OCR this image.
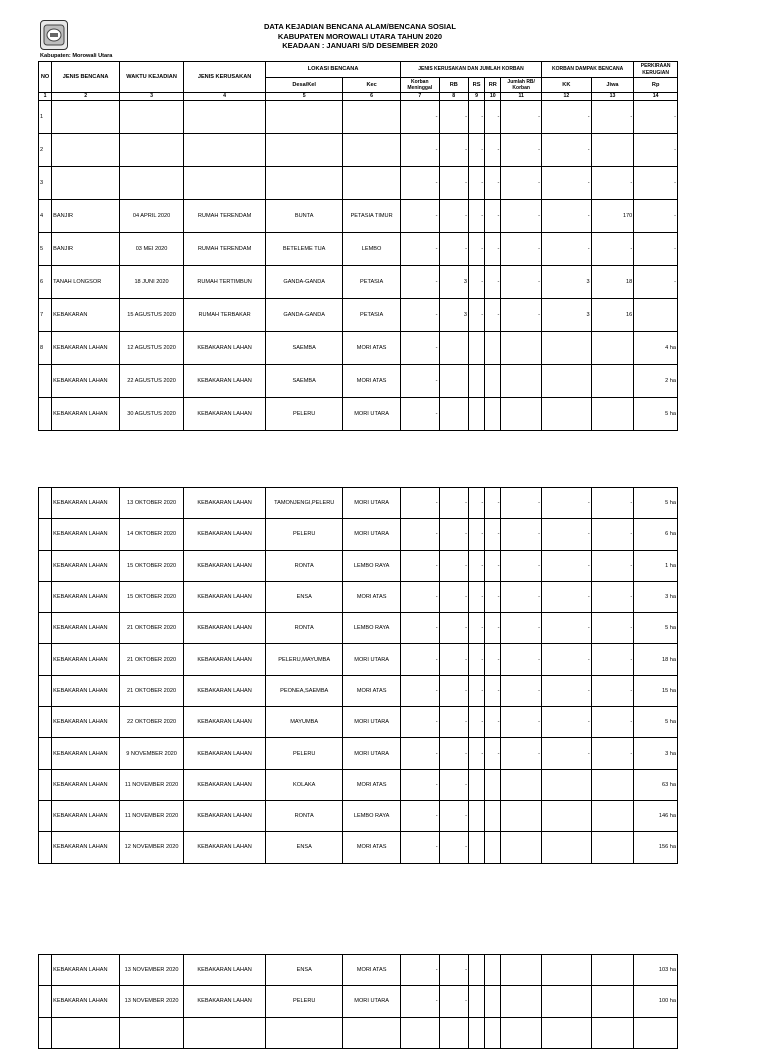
DATA KEJADIAN BENCANA ALAM/BENCANA SOSIAL
KABUPATEN MOROWALI UTARA TAHUN 2020
KEADAAN : JANUARI S/D DESEMBER 2020
Kabupaten: Morowali Utara
NO	JENIS BENCANA	WAKTU KEJADIAN	JENIS KERUSAKAN	LOKASI BENCANA		JENIS KERUSAKAN DAN JUMLAH KORBAN					KORBAN DAMPAK BENCANA		PERKIRAAN KERUGIAN
				Desa/Kel	Kec	Korban Meninggal	RB	RS	RR	Jumlah RB/ Korban	KK	Jiwa	Rp
1	2	3	4	5	6	7	8	9	10	11	12	13	14
1						-	-	-	-	-	-	-	-
2						-	-	-	-	-	-		-
3						-	-	-	-	-	-	-	-
4	BANJIR	04 APRIL 2020	RUMAH TERENDAM	BUNTA	PETASIA TIMUR	-	-	-	-	-	-	170	-
5	BANJIR	03 MEI 2020	RUMAH TERENDAM	BETELEME TUA	LEMBO	-	-	-	-	-	-	-	-
6	TANAH LONGSOR	18 JUNI 2020	RUMAH TERTIMBUN	GANDA-GANDA	PETASIA	-	3	-	-	-	3	18	-
7	KEBAKARAN	15 AGUSTUS 2020	RUMAH TERBAKAR	GANDA-GANDA	PETASIA	-	3	-	-	-	3	16	
8	KEBAKARAN LAHAN	12 AGUSTUS 2020	KEBAKARAN LAHAN	SAEMBA	MORI ATAS	-							4 ha
	KEBAKARAN LAHAN	22 AGUSTUS 2020	KEBAKARAN LAHAN	SAEMBA	MORI ATAS	-							2 ha
	KEBAKARAN LAHAN	30 AGUSTUS 2020	KEBAKARAN LAHAN	PELERU	MORI UTARA	-							5 ha
	KEBAKARAN LAHAN	13 OKTOBER 2020	KEBAKARAN LAHAN	TAMONJENGI,PELERU	MORI UTARA	-	-	-	-	-	-	-	5 ha
	KEBAKARAN LAHAN	14 OKTOBER 2020	KEBAKARAN LAHAN	PELERU	MORI UTARA	-	-	-	-	-	-	-	6 ha
	KEBAKARAN LAHAN	15 OKTOBER 2020	KEBAKARAN LAHAN	RONTA	LEMBO RAYA	-	-	-	-	-	-	-	1 ha
	KEBAKARAN LAHAN	15 OKTOBER 2020	KEBAKARAN LAHAN	ENSA	MORI ATAS	-	-	-	-	-	-	-	3 ha
	KEBAKARAN LAHAN	21 OKTOBER 2020	KEBAKARAN LAHAN	RONTA	LEMBO RAYA	-	-	-	-	-	-	-	5 ha
	KEBAKARAN LAHAN	21 OKTOBER 2020	KEBAKARAN LAHAN	PELERU,MAYUMBA	MORI UTARA	-	-	-	-	-	-	-	18 ha
	KEBAKARAN LAHAN	21 OKTOBER 2020	KEBAKARAN LAHAN	PEONEA,SAEMBA	MORI ATAS	-	-	-	-	-	-	-	15 ha
	KEBAKARAN LAHAN	22 OKTOBER 2020	KEBAKARAN LAHAN	MAYUMBA	MORI UTARA	-	-	-	-	-	-	-	5 ha
	KEBAKARAN LAHAN	9 NOVEMBER 2020	KEBAKARAN LAHAN	PELERU	MORI UTARA	-	-	-	-	-	-	-	3 ha
	KEBAKARAN LAHAN	11 NOVEMBER 2020	KEBAKARAN LAHAN	KOLAKA	MORI ATAS	-	-						63 ha
	KEBAKARAN LAHAN	11 NOVEMBER 2020	KEBAKARAN LAHAN	RONTA	LEMBO RAYA	-	-						146 ha
	KEBAKARAN LAHAN	12 NOVEMBER 2020	KEBAKARAN LAHAN	ENSA	MORI ATAS	-	-						156 ha
	KEBAKARAN LAHAN	13 NOVEMBER 2020	KEBAKARAN LAHAN	ENSA	MORI ATAS	-	-						103 ha
	KEBAKARAN LAHAN	13 NOVEMBER 2020	KEBAKARAN LAHAN	PELERU	MORI UTARA	-	-						100 ha
